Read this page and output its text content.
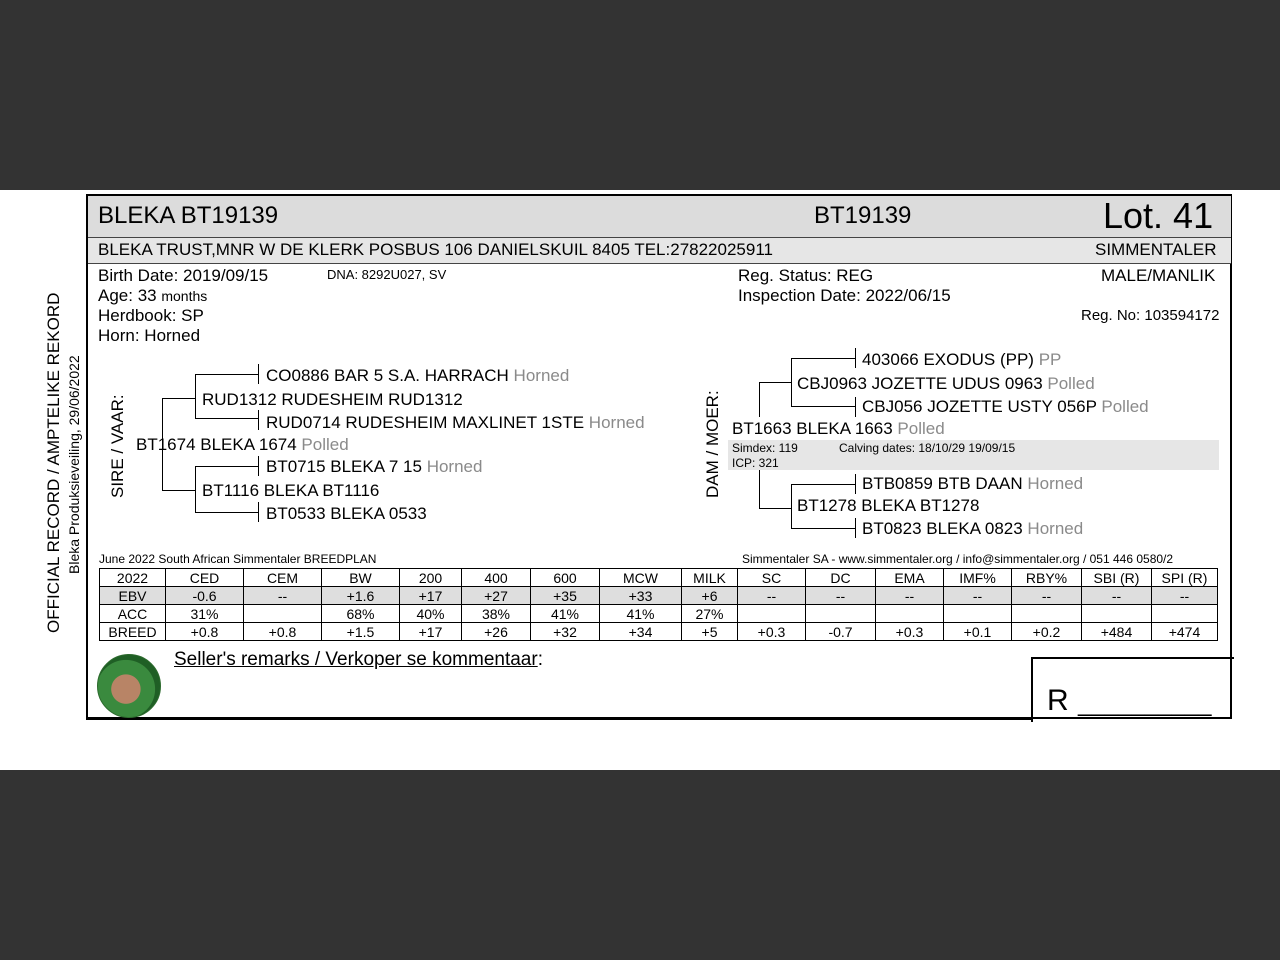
BLEKA BT19139	BT19139	Lot. 41
BLEKA TRUST,MNR W DE KLERK POSBUS 106 DANIELSKUIL 8405 TEL:27822025911	SIMMENTALER
Birth Date: 2019/09/15	DNA: 8292U027, SV
Age: 33 months
Herdbook: SP
Horn: Horned
Reg. Status: REG
Inspection Date: 2022/06/15
MALE/MANLIK
Reg. No: 103594172
OFFICIAL RECORD / AMPTELIKE REKORD Bleka Produksieveiling, 29/06/2022 SIRE / VAAR:	DAM / MOER:
CO0886 BAR 5 S.A. HARRACH Horned
RUD1312 RUDESHEIM RUD1312
RUD0714 RUDESHEIM MAXLINET 1STE Horned
BT1674 BLEKA 1674 Polled
BT0715 BLEKA 7 15 Horned
BT1116 BLEKA BT1116
BT0533 BLEKA 0533
403066 EXODUS (PP) PP
CBJ0963 JOZETTE UDUS 0963 Polled
CBJ056 JOZETTE USTY 056P Polled
BT1663 BLEKA 1663 Polled
Simdex: 119	Calving dates: 18/10/29 19/09/15
ICP: 321
BTB0859 BTB DAAN Horned
BT1278 BLEKA BT1278
BT0823 BLEKA 0823 Horned
June 2022 South African Simmentaler BREEDPLAN	Simmentaler SA - www.simmentaler.org / info@simmentaler.org / 051 446 0580/2
2022	CED	CEM	BW	200	400	600	MCW	MILK	SC	DC	EMA	IMF%	RBY%	SBI (R)	SPI (R)
EBV	-0.6	--	+1.6	+17	+27	+35	+33	+6	--	--	--	--	--	--	--
ACC	31%		68%	40%	38%	41%	41%	27%							
BREED	+0.8	+0.8	+1.5	+17	+26	+32	+34	+5	+0.3	-0.7	+0.3	+0.1	+0.2	+484	+474
Seller's remarks / Verkoper se kommentaar:
R __________
